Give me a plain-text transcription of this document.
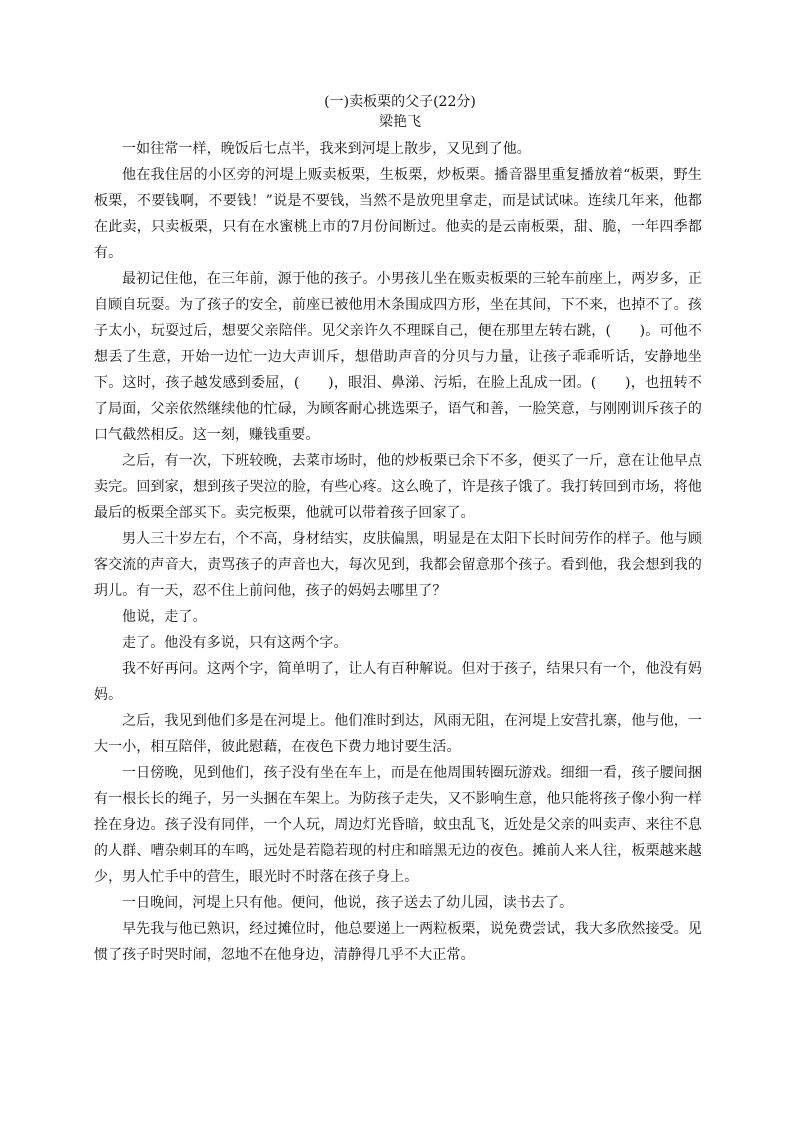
(一)卖板栗的父子(22分)
梁艳飞

一如往常一样，晚饭后七点半，我来到河堤上散步，又见到了他。

他在我住居的小区旁的河堤上贩卖板栗，生板栗，炒板栗。播音器里重复播放着“板栗，野生板栗，不要钱啊，不要钱！”说是不要钱，当然不是放兜里拿走，而是试试味。连续几年来，他都在此卖，只卖板栗，只有在水蜜桃上市的7月份间断过。他卖的是云南板栗，甜、脆，一年四季都有。

最初记住他，在三年前，源于他的孩子。小男孩儿坐在贩卖板栗的三轮车前座上，两岁多，正自顾自玩耍。为了孩子的安全，前座已被他用木条围成四方形，坐在其间，下不来，也掉不了。孩子太小，玩耍过后，想要父亲陪伴。见父亲许久不理睬自己，便在那里左转右跳，(　　)。可他不想丢了生意，开始一边忙一边大声训斥，想借助声音的分贝与力量，让孩子乖乖听话，安静地坐下。这时，孩子越发感到委屈，(　　)，眼泪、鼻涕、污垢，在脸上乱成一团。(　　)，也扭转不了局面，父亲依然继续他的忙碌，为顾客耐心挑选栗子，语气和善，一脸笑意，与刚刚训斥孩子的口气截然相反。这一刻，赚钱重要。

之后，有一次，下班较晚，去菜市场时，他的炒板栗已余下不多，便买了一斤，意在让他早点卖完。回到家，想到孩子哭泣的脸，有些心疼。这么晚了，许是孩子饿了。我打转回到市场，将他最后的板栗全部买下。卖完板栗，他就可以带着孩子回家了。

男人三十岁左右，个不高，身材结实，皮肤偏黑，明显是在太阳下长时间劳作的样子。他与顾客交流的声音大，责骂孩子的声音也大，每次见到，我都会留意那个孩子。看到他，我会想到我的玥儿。有一天，忍不住上前问他，孩子的妈妈去哪里了？

他说，走了。

走了。他没有多说，只有这两个字。

我不好再问。这两个字，简单明了，让人有百种解说。但对于孩子，结果只有一个，他没有妈妈。

之后，我见到他们多是在河堤上。他们准时到达，风雨无阻，在河堤上安营扎寨，他与他，一大一小，相互陪伴，彼此慰藉，在夜色下费力地讨要生活。

一日傍晚，见到他们，孩子没有坐在车上，而是在他周围转圈玩游戏。细细一看，孩子腰间捆有一根长长的绳子，另一头捆在车架上。为防孩子走失，又不影响生意，他只能将孩子像小狗一样拴在身边。孩子没有同伴，一个人玩，周边灯光昏暗，蚊虫乱飞，近处是父亲的叫卖声、来往不息的人群、嘈杂刺耳的车鸣，远处是若隐若现的村庄和暗黑无边的夜色。摊前人来人往，板栗越来越少，男人忙手中的营生，眼光时不时落在孩子身上。

一日晚间，河堤上只有他。便问，他说，孩子送去了幼儿园，读书去了。

早先我与他已熟识，经过摊位时，他总要递上一两粒板栗，说免费尝试，我大多欣然接受。见惯了孩子时哭时闹，忽地不在他身边，清静得几乎不大正常。
